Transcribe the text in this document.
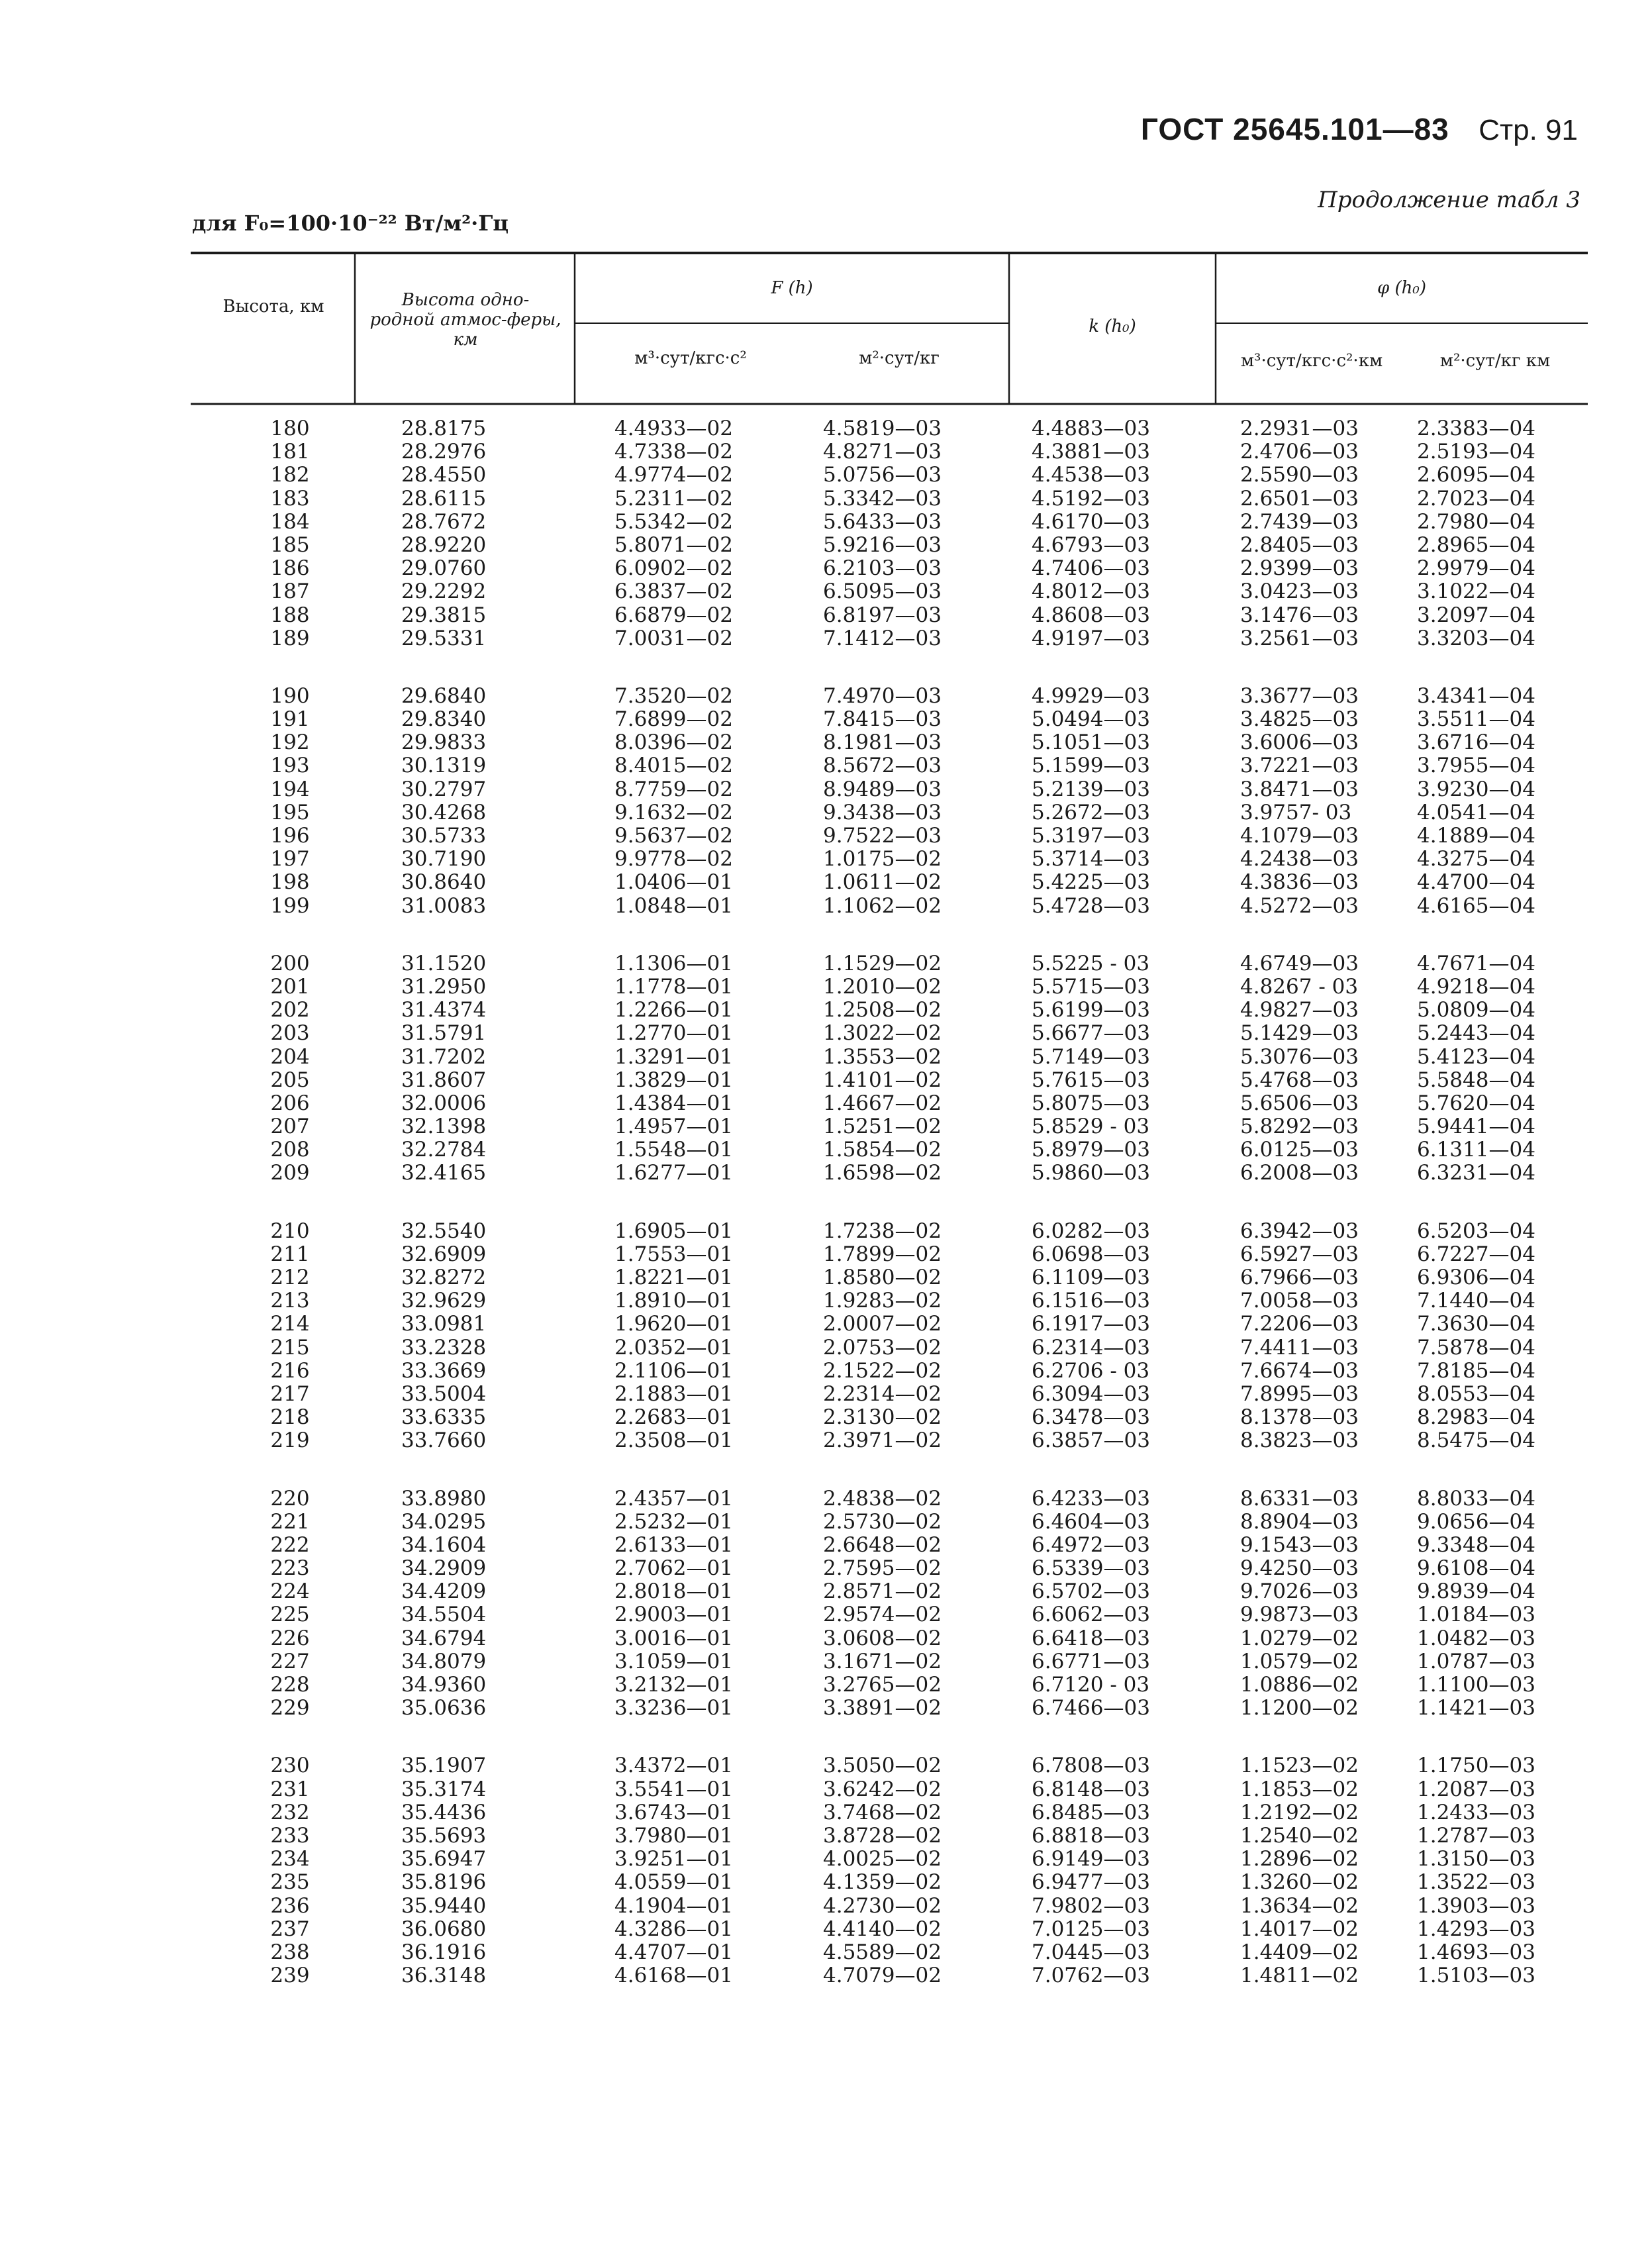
ГОСТ 25645.101—83 Стр. 91
Продолжение табл 3
для F₀=100·10⁻²² Вт/м²·Гц
Высота, км	Высота одно-родной атмос-феры, км
F (h)
м³·сут/кгс·с²	м²·сут/кг
k (h₀)
φ (h₀)
м³·сут/кгс·с²·км	м²·сут/кг км
180	28.8175	4.4933—02	4.5819—03	4.4883—03	2.2931—03	2.3383—04
181	28.2976	4.7338—02	4.8271—03	4.3881—03	2.4706—03	2.5193—04
182	28.4550	4.9774—02	5.0756—03	4.4538—03	2.5590—03	2.6095—04
183	28.6115	5.2311—02	5.3342—03	4.5192—03	2.6501—03	2.7023—04
184	28.7672	5.5342—02	5.6433—03	4.6170—03	2.7439—03	2.7980—04
185	28.9220	5.8071—02	5.9216—03	4.6793—03	2.8405—03	2.8965—04
186	29.0760	6.0902—02	6.2103—03	4.7406—03	2.9399—03	2.9979—04
187	29.2292	6.3837—02	6.5095—03	4.8012—03	3.0423—03	3.1022—04
188	29.3815	6.6879—02	6.8197—03	4.8608—03	3.1476—03	3.2097—04
189	29.5331	7.0031—02	7.1412—03	4.9197—03	3.2561—03	3.3203—04
190	29.6840	7.3520—02	7.4970—03	4.9929—03	3.3677—03	3.4341—04
191	29.8340	7.6899—02	7.8415—03	5.0494—03	3.4825—03	3.5511—04
192	29.9833	8.0396—02	8.1981—03	5.1051—03	3.6006—03	3.6716—04
193	30.1319	8.4015—02	8.5672—03	5.1599—03	3.7221—03	3.7955—04
194	30.2797	8.7759—02	8.9489—03	5.2139—03	3.8471—03	3.9230—04
195	30.4268	9.1632—02	9.3438—03	5.2672—03	3.9757- 03	4.0541—04
196	30.5733	9.5637—02	9.7522—03	5.3197—03	4.1079—03	4.1889—04
197	30.7190	9.9778—02	1.0175—02	5.3714—03	4.2438—03	4.3275—04
198	30.8640	1.0406—01	1.0611—02	5.4225—03	4.3836—03	4.4700—04
199	31.0083	1.0848—01	1.1062—02	5.4728—03	4.5272—03	4.6165—04
200	31.1520	1.1306—01	1.1529—02	5.5225 - 03	4.6749—03	4.7671—04
201	31.2950	1.1778—01	1.2010—02	5.5715—03	4.8267 - 03	4.9218—04
202	31.4374	1.2266—01	1.2508—02	5.6199—03	4.9827—03	5.0809—04
203	31.5791	1.2770—01	1.3022—02	5.6677—03	5.1429—03	5.2443—04
204	31.7202	1.3291—01	1.3553—02	5.7149—03	5.3076—03	5.4123—04
205	31.8607	1.3829—01	1.4101—02	5.7615—03	5.4768—03	5.5848—04
206	32.0006	1.4384—01	1.4667—02	5.8075—03	5.6506—03	5.7620—04
207	32.1398	1.4957—01	1.5251—02	5.8529 - 03	5.8292—03	5.9441—04
208	32.2784	1.5548—01	1.5854—02	5.8979—03	6.0125—03	6.1311—04
209	32.4165	1.6277—01	1.6598—02	5.9860—03	6.2008—03	6.3231—04
210	32.5540	1.6905—01	1.7238—02	6.0282—03	6.3942—03	6.5203—04
211	32.6909	1.7553—01	1.7899—02	6.0698—03	6.5927—03	6.7227—04
212	32.8272	1.8221—01	1.8580—02	6.1109—03	6.7966—03	6.9306—04
213	32.9629	1.8910—01	1.9283—02	6.1516—03	7.0058—03	7.1440—04
214	33.0981	1.9620—01	2.0007—02	6.1917—03	7.2206—03	7.3630—04
215	33.2328	2.0352—01	2.0753—02	6.2314—03	7.4411—03	7.5878—04
216	33.3669	2.1106—01	2.1522—02	6.2706 - 03	7.6674—03	7.8185—04
217	33.5004	2.1883—01	2.2314—02	6.3094—03	7.8995—03	8.0553—04
218	33.6335	2.2683—01	2.3130—02	6.3478—03	8.1378—03	8.2983—04
219	33.7660	2.3508—01	2.3971—02	6.3857—03	8.3823—03	8.5475—04
220	33.8980	2.4357—01	2.4838—02	6.4233—03	8.6331—03	8.8033—04
221	34.0295	2.5232—01	2.5730—02	6.4604—03	8.8904—03	9.0656—04
222	34.1604	2.6133—01	2.6648—02	6.4972—03	9.1543—03	9.3348—04
223	34.2909	2.7062—01	2.7595—02	6.5339—03	9.4250—03	9.6108—04
224	34.4209	2.8018—01	2.8571—02	6.5702—03	9.7026—03	9.8939—04
225	34.5504	2.9003—01	2.9574—02	6.6062—03	9.9873—03	1.0184—03
226	34.6794	3.0016—01	3.0608—02	6.6418—03	1.0279—02	1.0482—03
227	34.8079	3.1059—01	3.1671—02	6.6771—03	1.0579—02	1.0787—03
228	34.9360	3.2132—01	3.2765—02	6.7120 - 03	1.0886—02	1.1100—03
229	35.0636	3.3236—01	3.3891—02	6.7466—03	1.1200—02	1.1421—03
230	35.1907	3.4372—01	3.5050—02	6.7808—03	1.1523—02	1.1750—03
231	35.3174	3.5541—01	3.6242—02	6.8148—03	1.1853—02	1.2087—03
232	35.4436	3.6743—01	3.7468—02	6.8485—03	1.2192—02	1.2433—03
233	35.5693	3.7980—01	3.8728—02	6.8818—03	1.2540—02	1.2787—03
234	35.6947	3.9251—01	4.0025—02	6.9149—03	1.2896—02	1.3150—03
235	35.8196	4.0559—01	4.1359—02	6.9477—03	1.3260—02	1.3522—03
236	35.9440	4.1904—01	4.2730—02	7.9802—03	1.3634—02	1.3903—03
237	36.0680	4.3286—01	4.4140—02	7.0125—03	1.4017—02	1.4293—03
238	36.1916	4.4707—01	4.5589—02	7.0445—03	1.4409—02	1.4693—03
239	36.3148	4.6168—01	4.7079—02	7.0762—03	1.4811—02	1.5103—03
